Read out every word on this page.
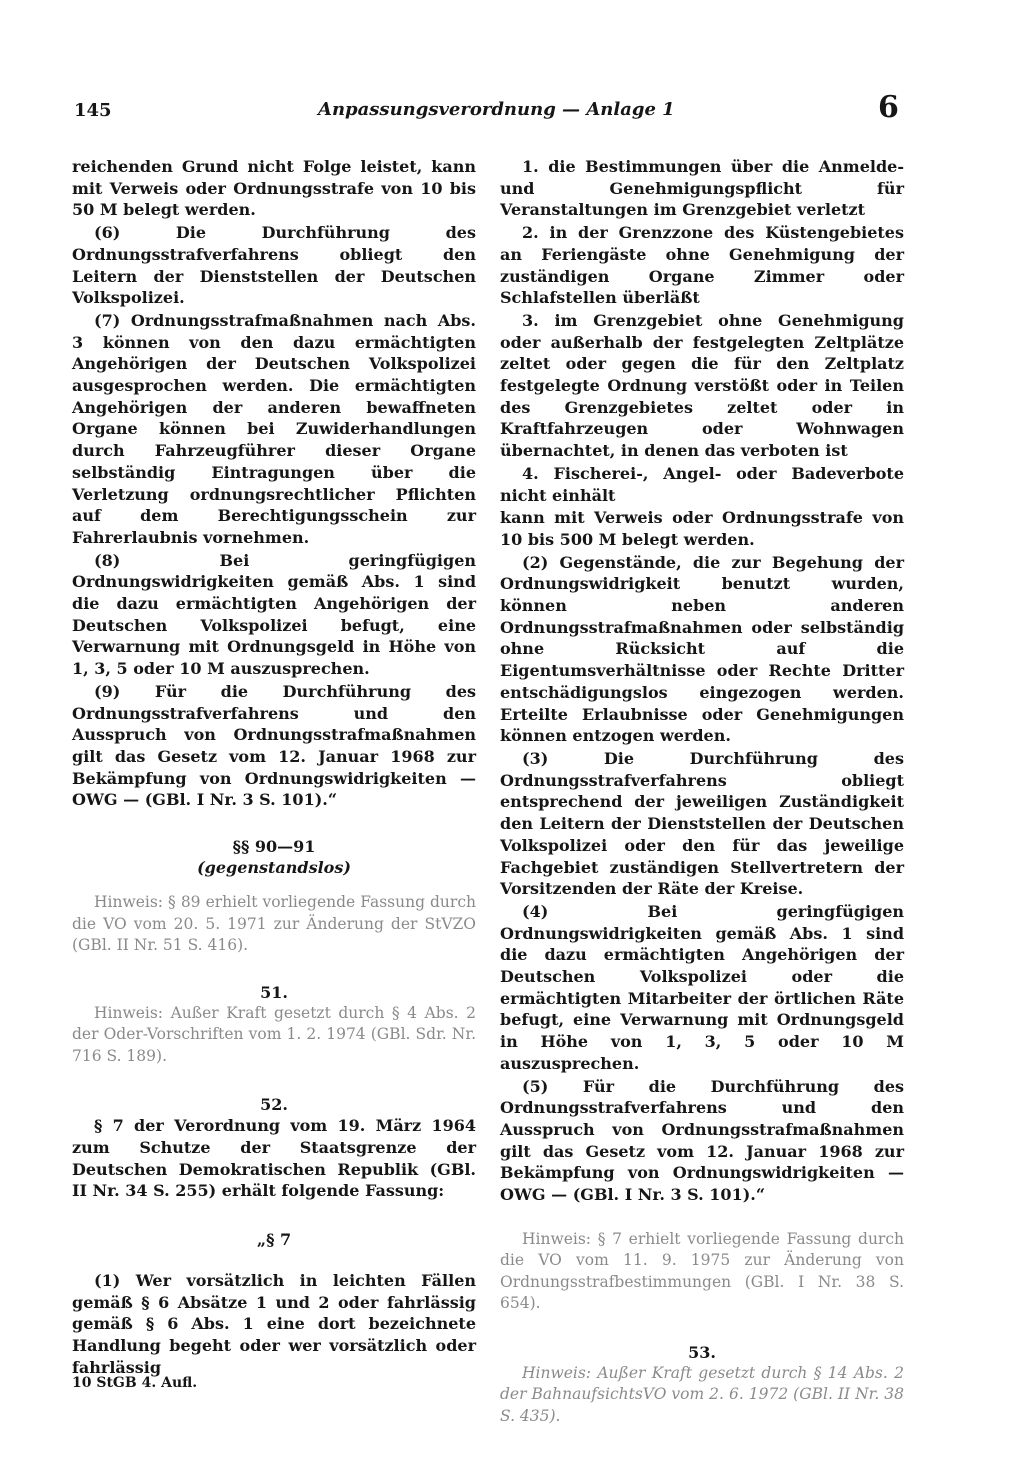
145	Anpassungsverordnung — Anlage 1	6

reichenden Grund nicht Folge leistet, kann mit Verweis oder Ordnungsstrafe von 10 bis 50 M belegt werden.

(6) Die Durchführung des Ordnungsstrafverfahrens obliegt den Leitern der Dienststellen der Deutschen Volkspolizei.

(7) Ordnungsstrafmaßnahmen nach Abs. 3 können von den dazu ermächtigten Angehörigen der Deutschen Volkspolizei ausgesprochen werden. Die ermächtigten Angehörigen der anderen bewaffneten Organe können bei Zuwiderhandlungen durch Fahrzeugführer dieser Organe selbständig Eintragungen über die Verletzung ordnungsrechtlicher Pflichten auf dem Berechtigungsschein zur Fahrerlaubnis vornehmen.

(8) Bei geringfügigen Ordnungswidrigkeiten gemäß Abs. 1 sind die dazu ermächtigten Angehörigen der Deutschen Volkspolizei befugt, eine Verwarnung mit Ordnungsgeld in Höhe von 1, 3, 5 oder 10 M auszusprechen.

(9) Für die Durchführung des Ordnungsstrafverfahrens und den Ausspruch von Ordnungsstrafmaßnahmen gilt das Gesetz vom 12. Januar 1968 zur Bekämpfung von Ordnungswidrigkeiten — OWG — (GBl. I Nr. 3 S. 101).“

§§ 90—91
(gegenstandslos)

Hinweis: § 89 erhielt vorliegende Fassung durch die VO vom 20. 5. 1971 zur Änderung der StVZO (GBl. II Nr. 51 S. 416).

51.

Hinweis: Außer Kraft gesetzt durch § 4 Abs. 2 der Oder-Vorschriften vom 1. 2. 1974 (GBl. Sdr. Nr. 716 S. 189).

52.

§ 7 der Verordnung vom 19. März 1964 zum Schutze der Staatsgrenze der Deutschen Demokratischen Republik (GBl. II Nr. 34 S. 255) erhält folgende Fassung:

„§ 7

(1) Wer vorsätzlich in leichten Fällen gemäß § 6 Absätze 1 und 2 oder fahrlässig gemäß § 6 Abs. 1 eine dort bezeichnete Handlung begeht oder wer vorsätzlich oder fahrlässig

1. die Bestimmungen über die Anmelde- und Genehmigungspflicht für Veranstaltungen im Grenzgebiet verletzt

2. in der Grenzzone des Küstengebietes an Feriengäste ohne Genehmigung der zuständigen Organe Zimmer oder Schlafstellen überläßt

3. im Grenzgebiet ohne Genehmigung oder außerhalb der festgelegten Zeltplätze zeltet oder gegen die für den Zeltplatz festgelegte Ordnung verstößt oder in Teilen des Grenzgebietes zeltet oder in Kraftfahrzeugen oder Wohnwagen übernachtet, in denen das verboten ist

4. Fischerei-, Angel- oder Badeverbote nicht einhält

kann mit Verweis oder Ordnungsstrafe von 10 bis 500 M belegt werden.

(2) Gegenstände, die zur Begehung der Ordnungswidrigkeit benutzt wurden, können neben anderen Ordnungsstrafmaßnahmen oder selbständig ohne Rücksicht auf die Eigentumsverhältnisse oder Rechte Dritter entschädigungslos eingezogen werden. Erteilte Erlaubnisse oder Genehmigungen können entzogen werden.

(3) Die Durchführung des Ordnungsstrafverfahrens obliegt entsprechend der jeweiligen Zuständigkeit den Leitern der Dienststellen der Deutschen Volkspolizei oder den für das jeweilige Fachgebiet zuständigen Stellvertretern der Vorsitzenden der Räte der Kreise.

(4) Bei geringfügigen Ordnungswidrigkeiten gemäß Abs. 1 sind die dazu ermächtigten Angehörigen der Deutschen Volkspolizei oder die ermächtigten Mitarbeiter der örtlichen Räte befugt, eine Verwarnung mit Ordnungsgeld in Höhe von 1, 3, 5 oder 10 M auszusprechen.

(5) Für die Durchführung des Ordnungsstrafverfahrens und den Ausspruch von Ordnungsstrafmaßnahmen gilt das Gesetz vom 12. Januar 1968 zur Bekämpfung von Ordnungswidrigkeiten — OWG — (GBl. I Nr. 3 S. 101).“

Hinweis: § 7 erhielt vorliegende Fassung durch die VO vom 11. 9. 1975 zur Änderung von Ordnungsstrafbestimmungen (GBl. I Nr. 38 S. 654).

53.

Hinweis: Außer Kraft gesetzt durch § 14 Abs. 2 der BahnaufsichtsVO vom 2. 6. 1972 (GBl. II Nr. 38 S. 435).

10 StGB 4. Aufl.
